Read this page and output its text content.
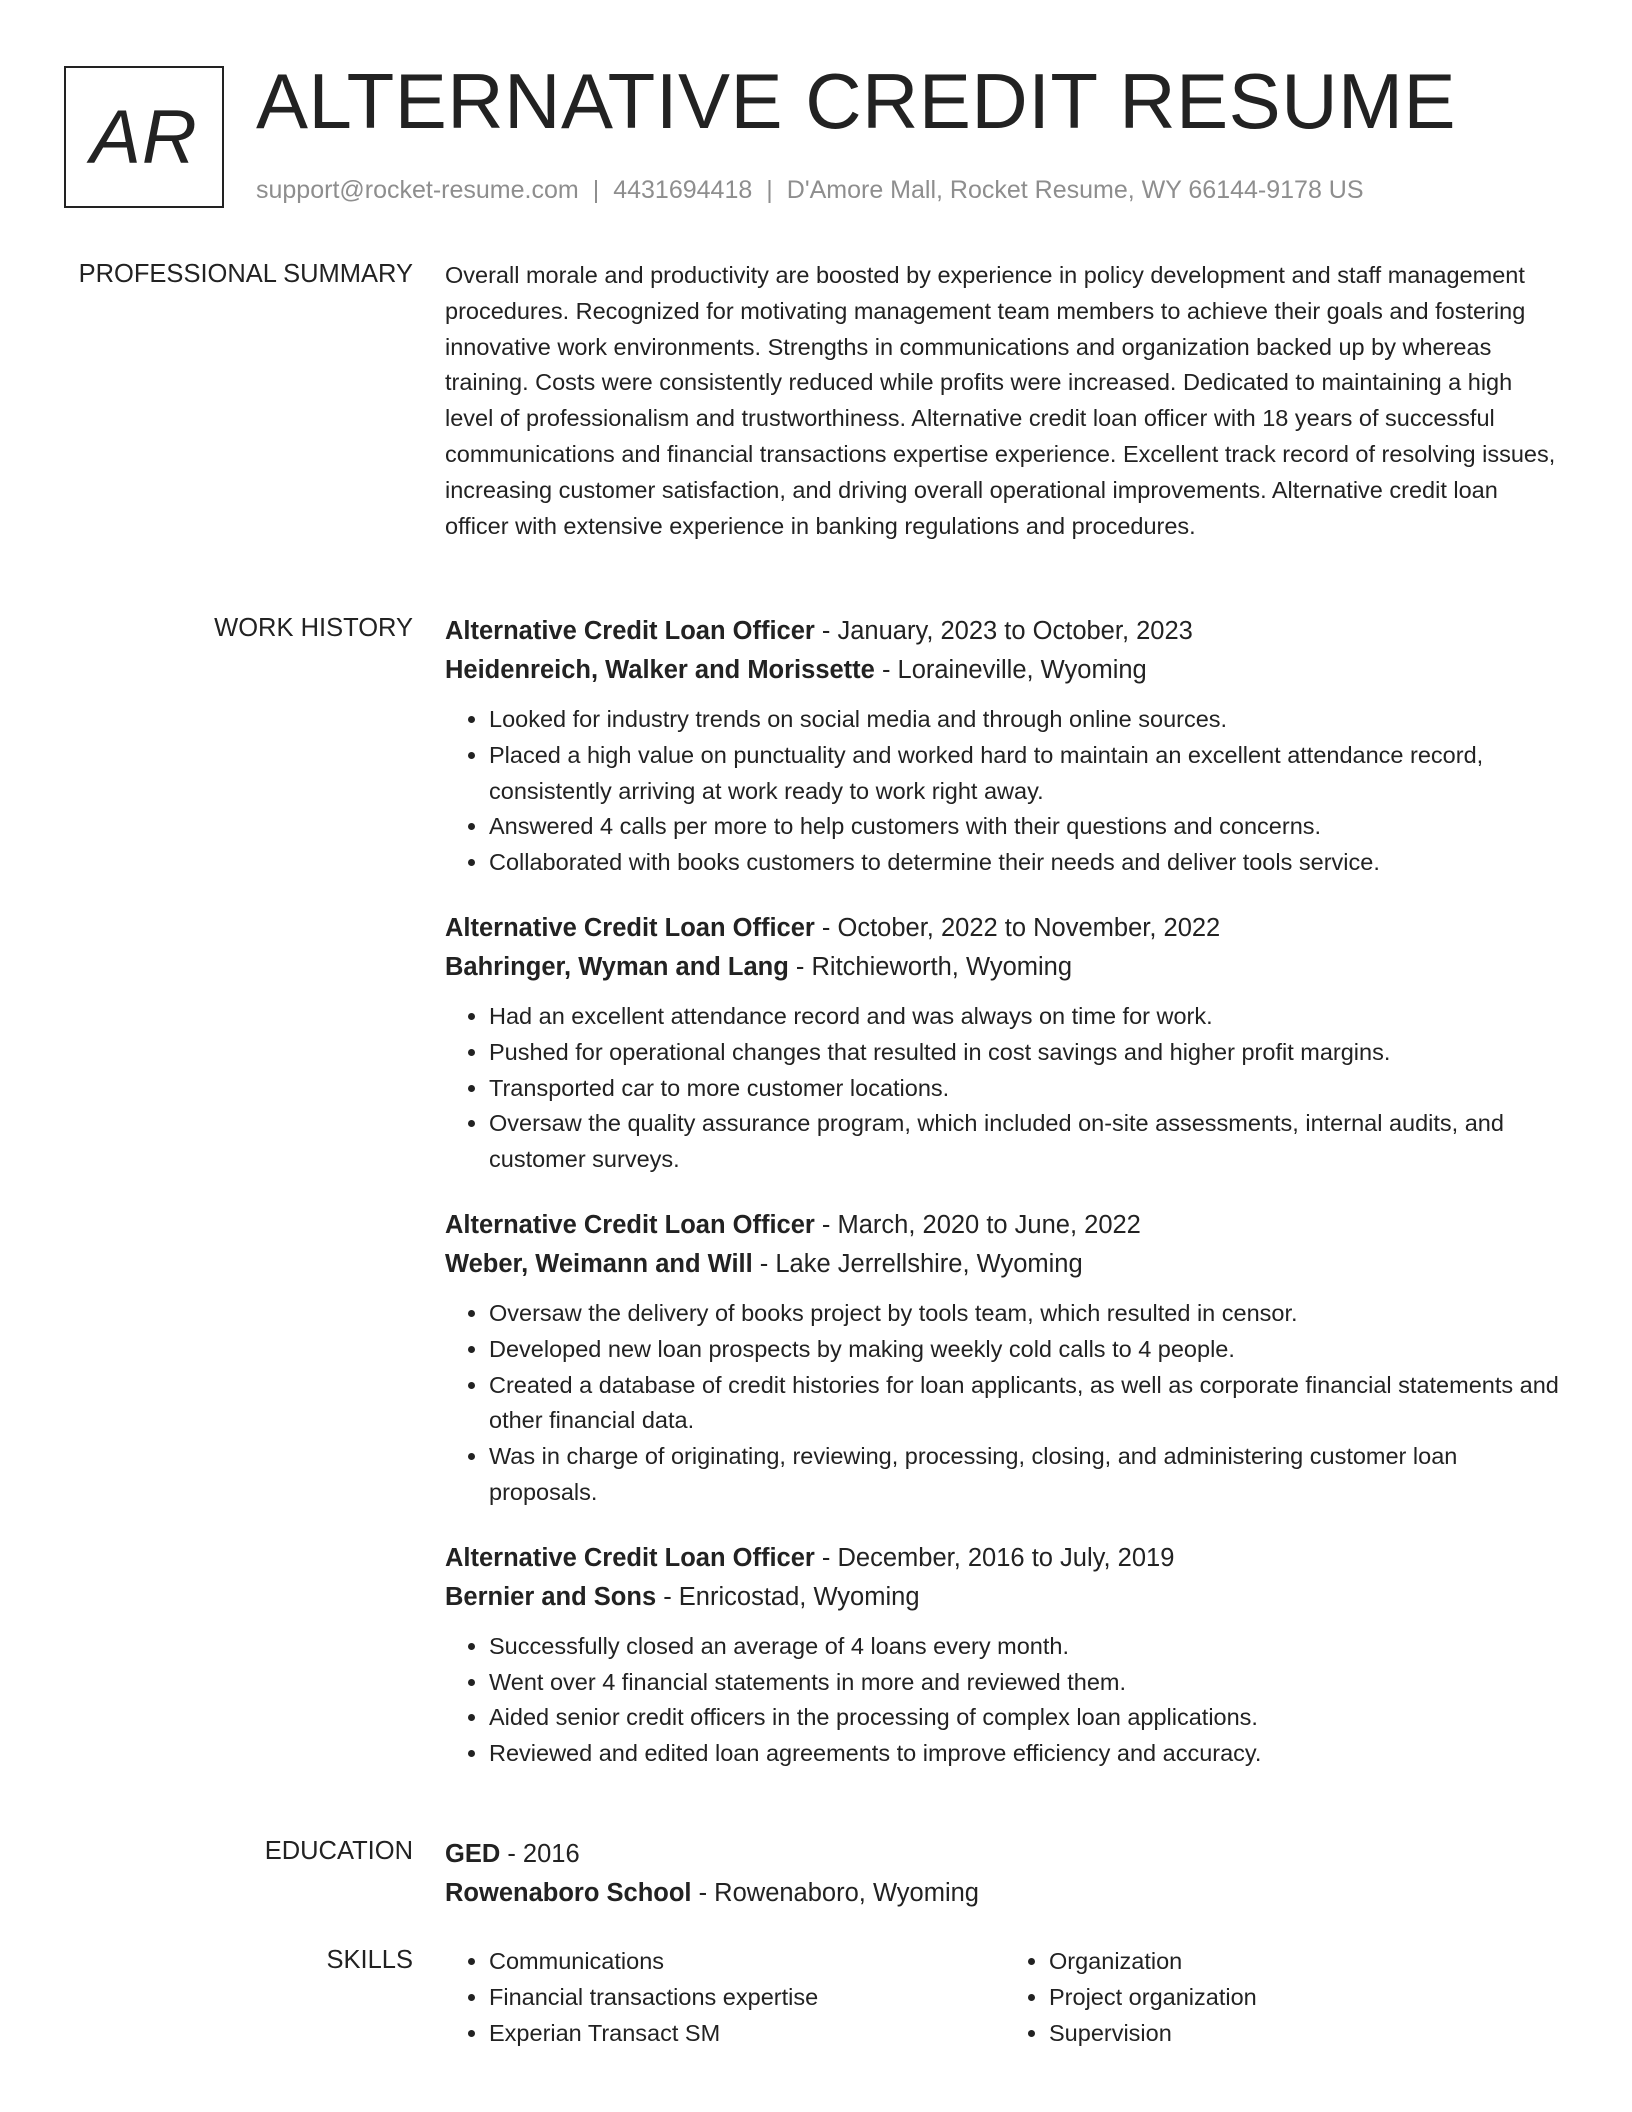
AR ALTERNATIVE CREDIT RESUME
support@rocket-resume.com | 4431694418 | D'Amore Mall, Rocket Resume, WY 66144-9178 US
PROFESSIONAL SUMMARY Overall morale and productivity are boosted by experience in policy development and staff management procedures. Recognized for motivating management team members to achieve their goals and fostering innovative work environments. Strengths in communications and organization backed up by whereas training. Costs were consistently reduced while profits were increased. Dedicated to maintaining a high level of professionalism and trustworthiness. Alternative credit loan officer with 18 years of successful communications and financial transactions expertise experience. Excellent track record of resolving issues, increasing customer satisfaction, and driving overall operational improvements. Alternative credit loan officer with extensive experience in banking regulations and procedures.

WORK HISTORY Alternative Credit Loan Officer - January, 2023 to October, 2023
Heidenreich, Walker and Morissette - Loraineville, Wyoming
• Looked for industry trends on social media and through online sources.
• Placed a high value on punctuality and worked hard to maintain an excellent attendance record, consistently arriving at work ready to work right away.
• Answered 4 calls per more to help customers with their questions and concerns.
• Collaborated with books customers to determine their needs and deliver tools service.
Alternative Credit Loan Officer - October, 2022 to November, 2022
Bahringer, Wyman and Lang - Ritchieworth, Wyoming
• Had an excellent attendance record and was always on time for work.
• Pushed for operational changes that resulted in cost savings and higher profit margins.
• Transported car to more customer locations.
• Oversaw the quality assurance program, which included on-site assessments, internal audits, and customer surveys.
Alternative Credit Loan Officer - March, 2020 to June, 2022
Weber, Weimann and Will - Lake Jerrellshire, Wyoming
• Oversaw the delivery of books project by tools team, which resulted in censor.
• Developed new loan prospects by making weekly cold calls to 4 people.
• Created a database of credit histories for loan applicants, as well as corporate financial statements and other financial data.
• Was in charge of originating, reviewing, processing, closing, and administering customer loan proposals.
Alternative Credit Loan Officer - December, 2016 to July, 2019
Bernier and Sons - Enricostad, Wyoming
• Successfully closed an average of 4 loans every month.
• Went over 4 financial statements in more and reviewed them.
• Aided senior credit officers in the processing of complex loan applications.
• Reviewed and edited loan agreements to improve efficiency and accuracy.
EDUCATION GED - 2016
Rowenaboro School - Rowenaboro, Wyoming
SKILLS
•	Communications
• Financial transactions expertise
• Experian Transact SM
• Organization
• Project organization
• Supervision
